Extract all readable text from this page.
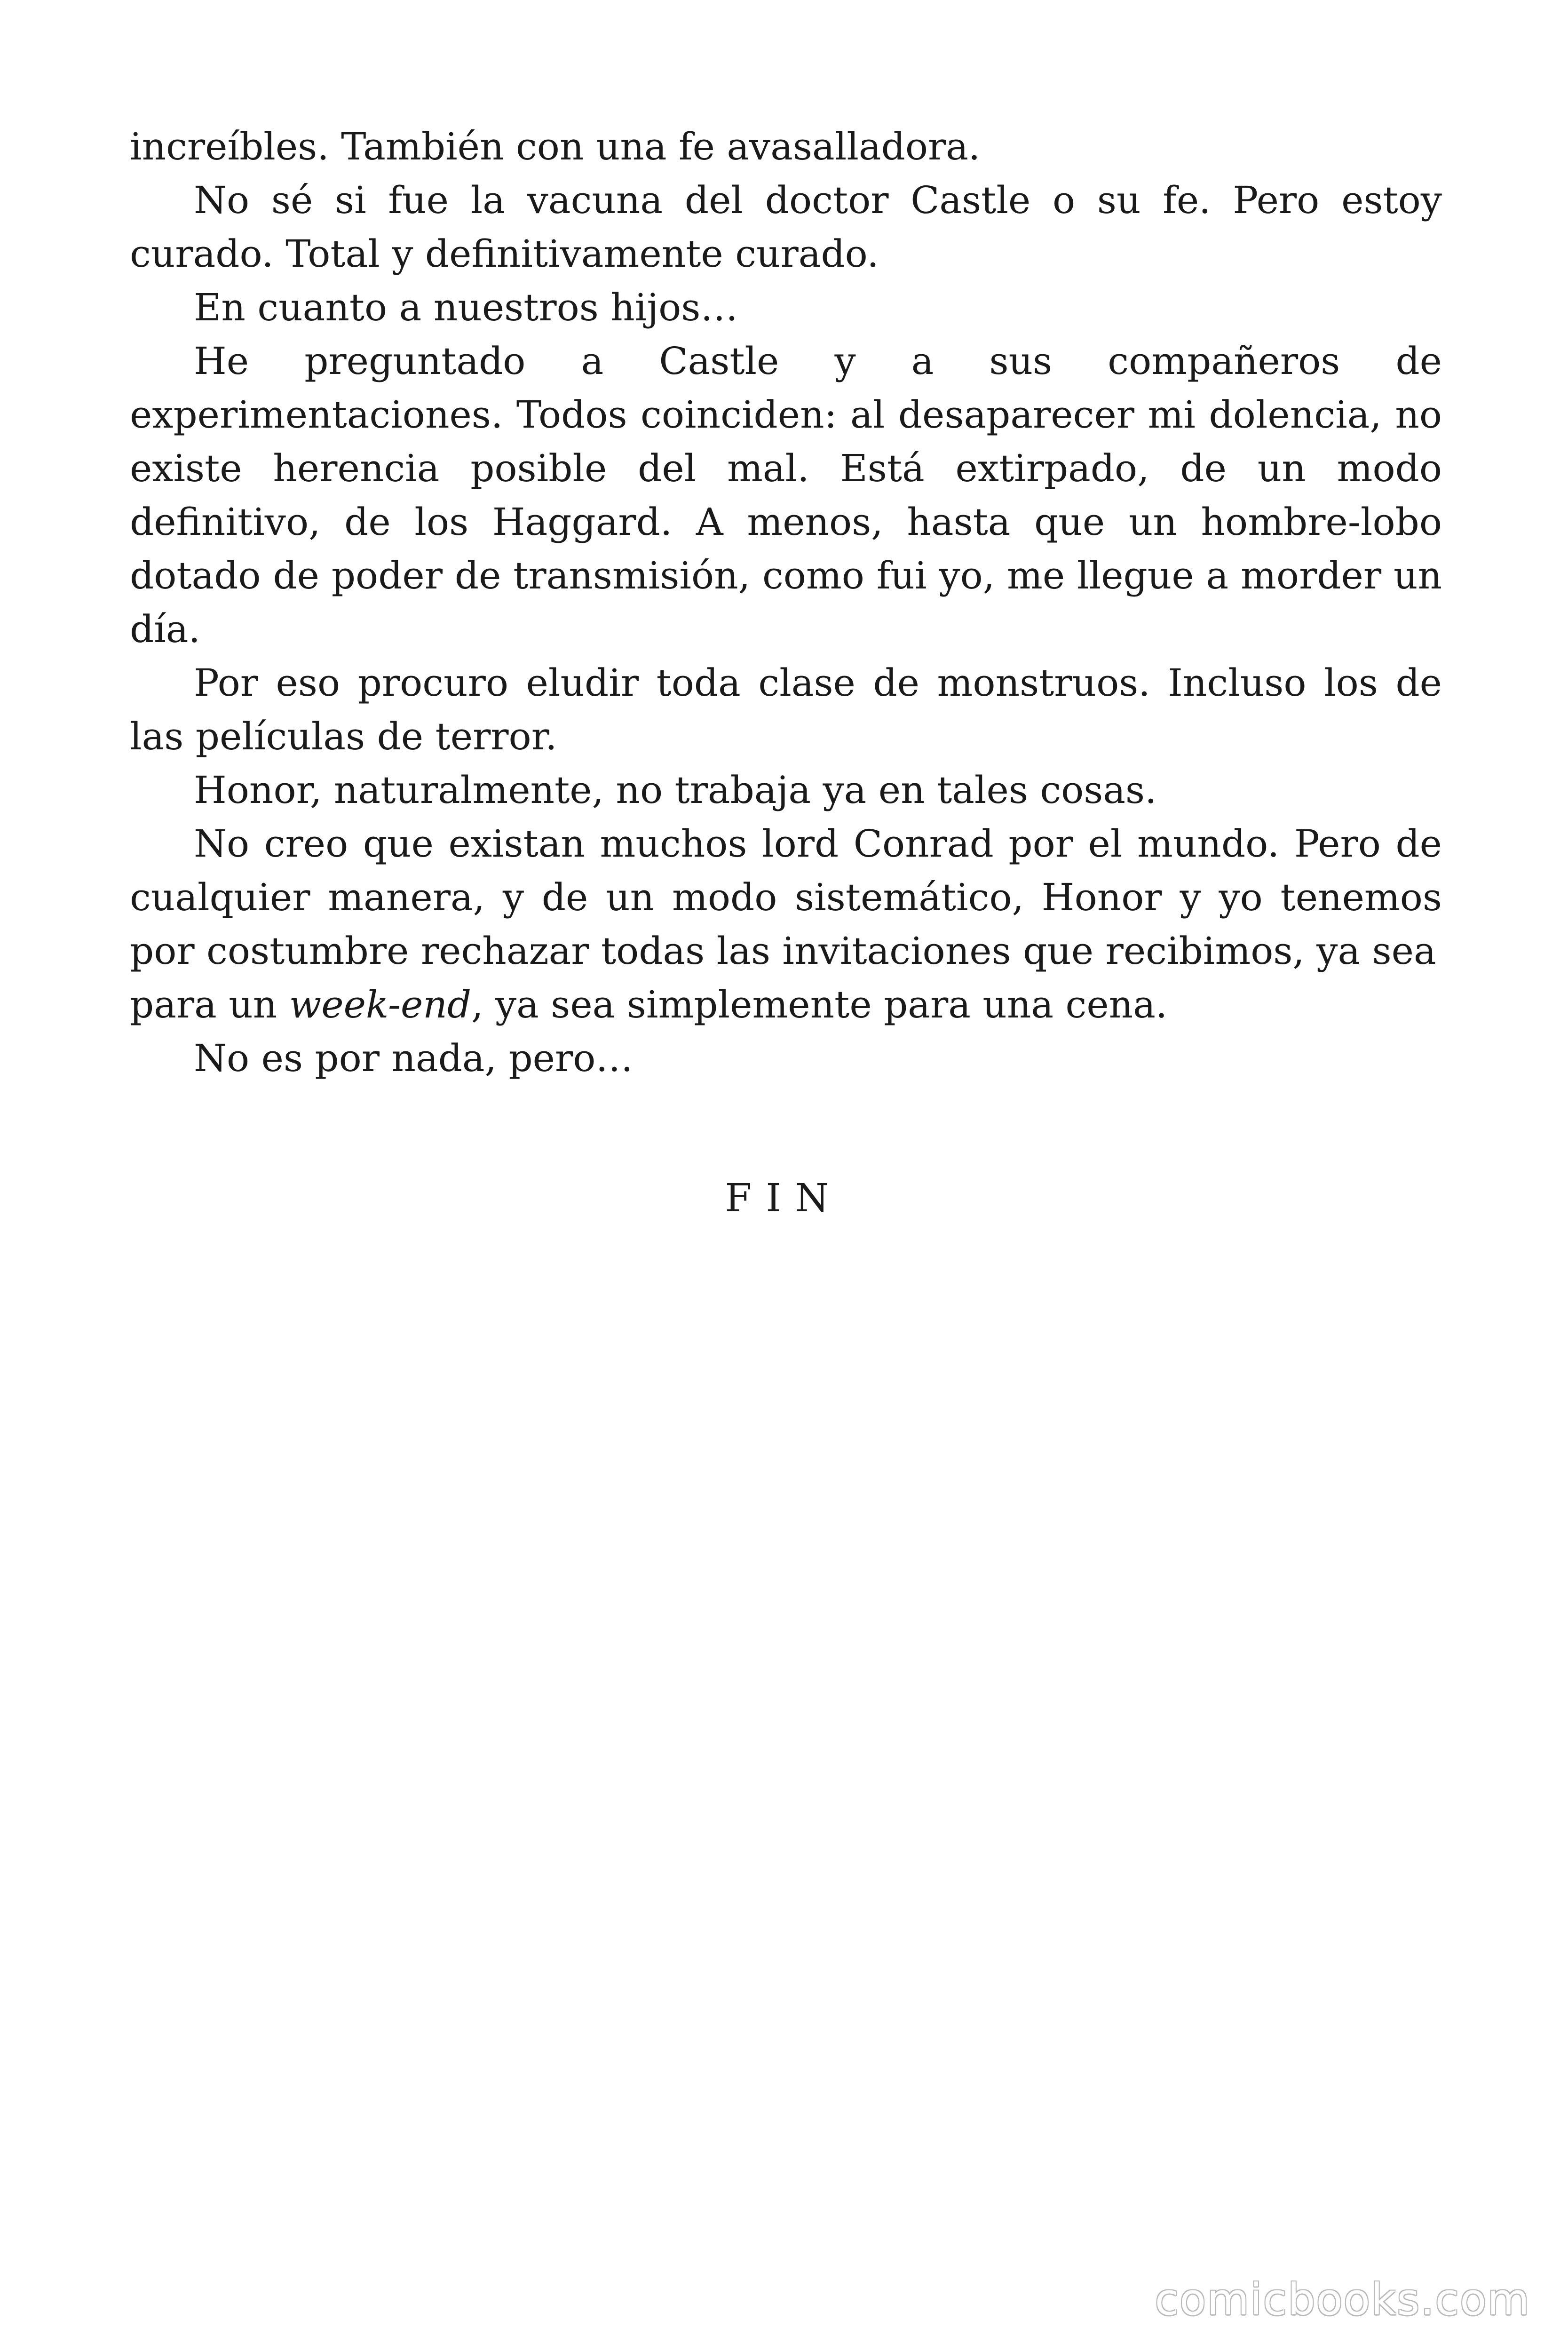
increíbles. También con una fe avasalladora.

No sé si fue la vacuna del doctor Castle o su fe. Pero estoy curado. Total y definitivamente curado.

En cuanto a nuestros hijos…

He preguntado a Castle y a sus compañeros de experimentaciones. Todos coinciden: al desaparecer mi dolencia, no existe herencia posible del mal. Está extirpado, de un modo definitivo, de los Haggard. A menos, hasta que un hombre-lobo dotado de poder de transmisión, como fui yo, me llegue a morder un día.

Por eso procuro eludir toda clase de monstruos. Incluso los de las películas de terror.

Honor, naturalmente, no trabaja ya en tales cosas.

No creo que existan muchos lord Conrad por el mundo. Pero de cualquier manera, y de un modo sistemático, Honor y yo tenemos por costumbre rechazar todas las invitaciones que recibimos, ya sea
para un week-end, ya sea simplemente para una cena.

No es por nada, pero…

FIN
comicbooks.com
